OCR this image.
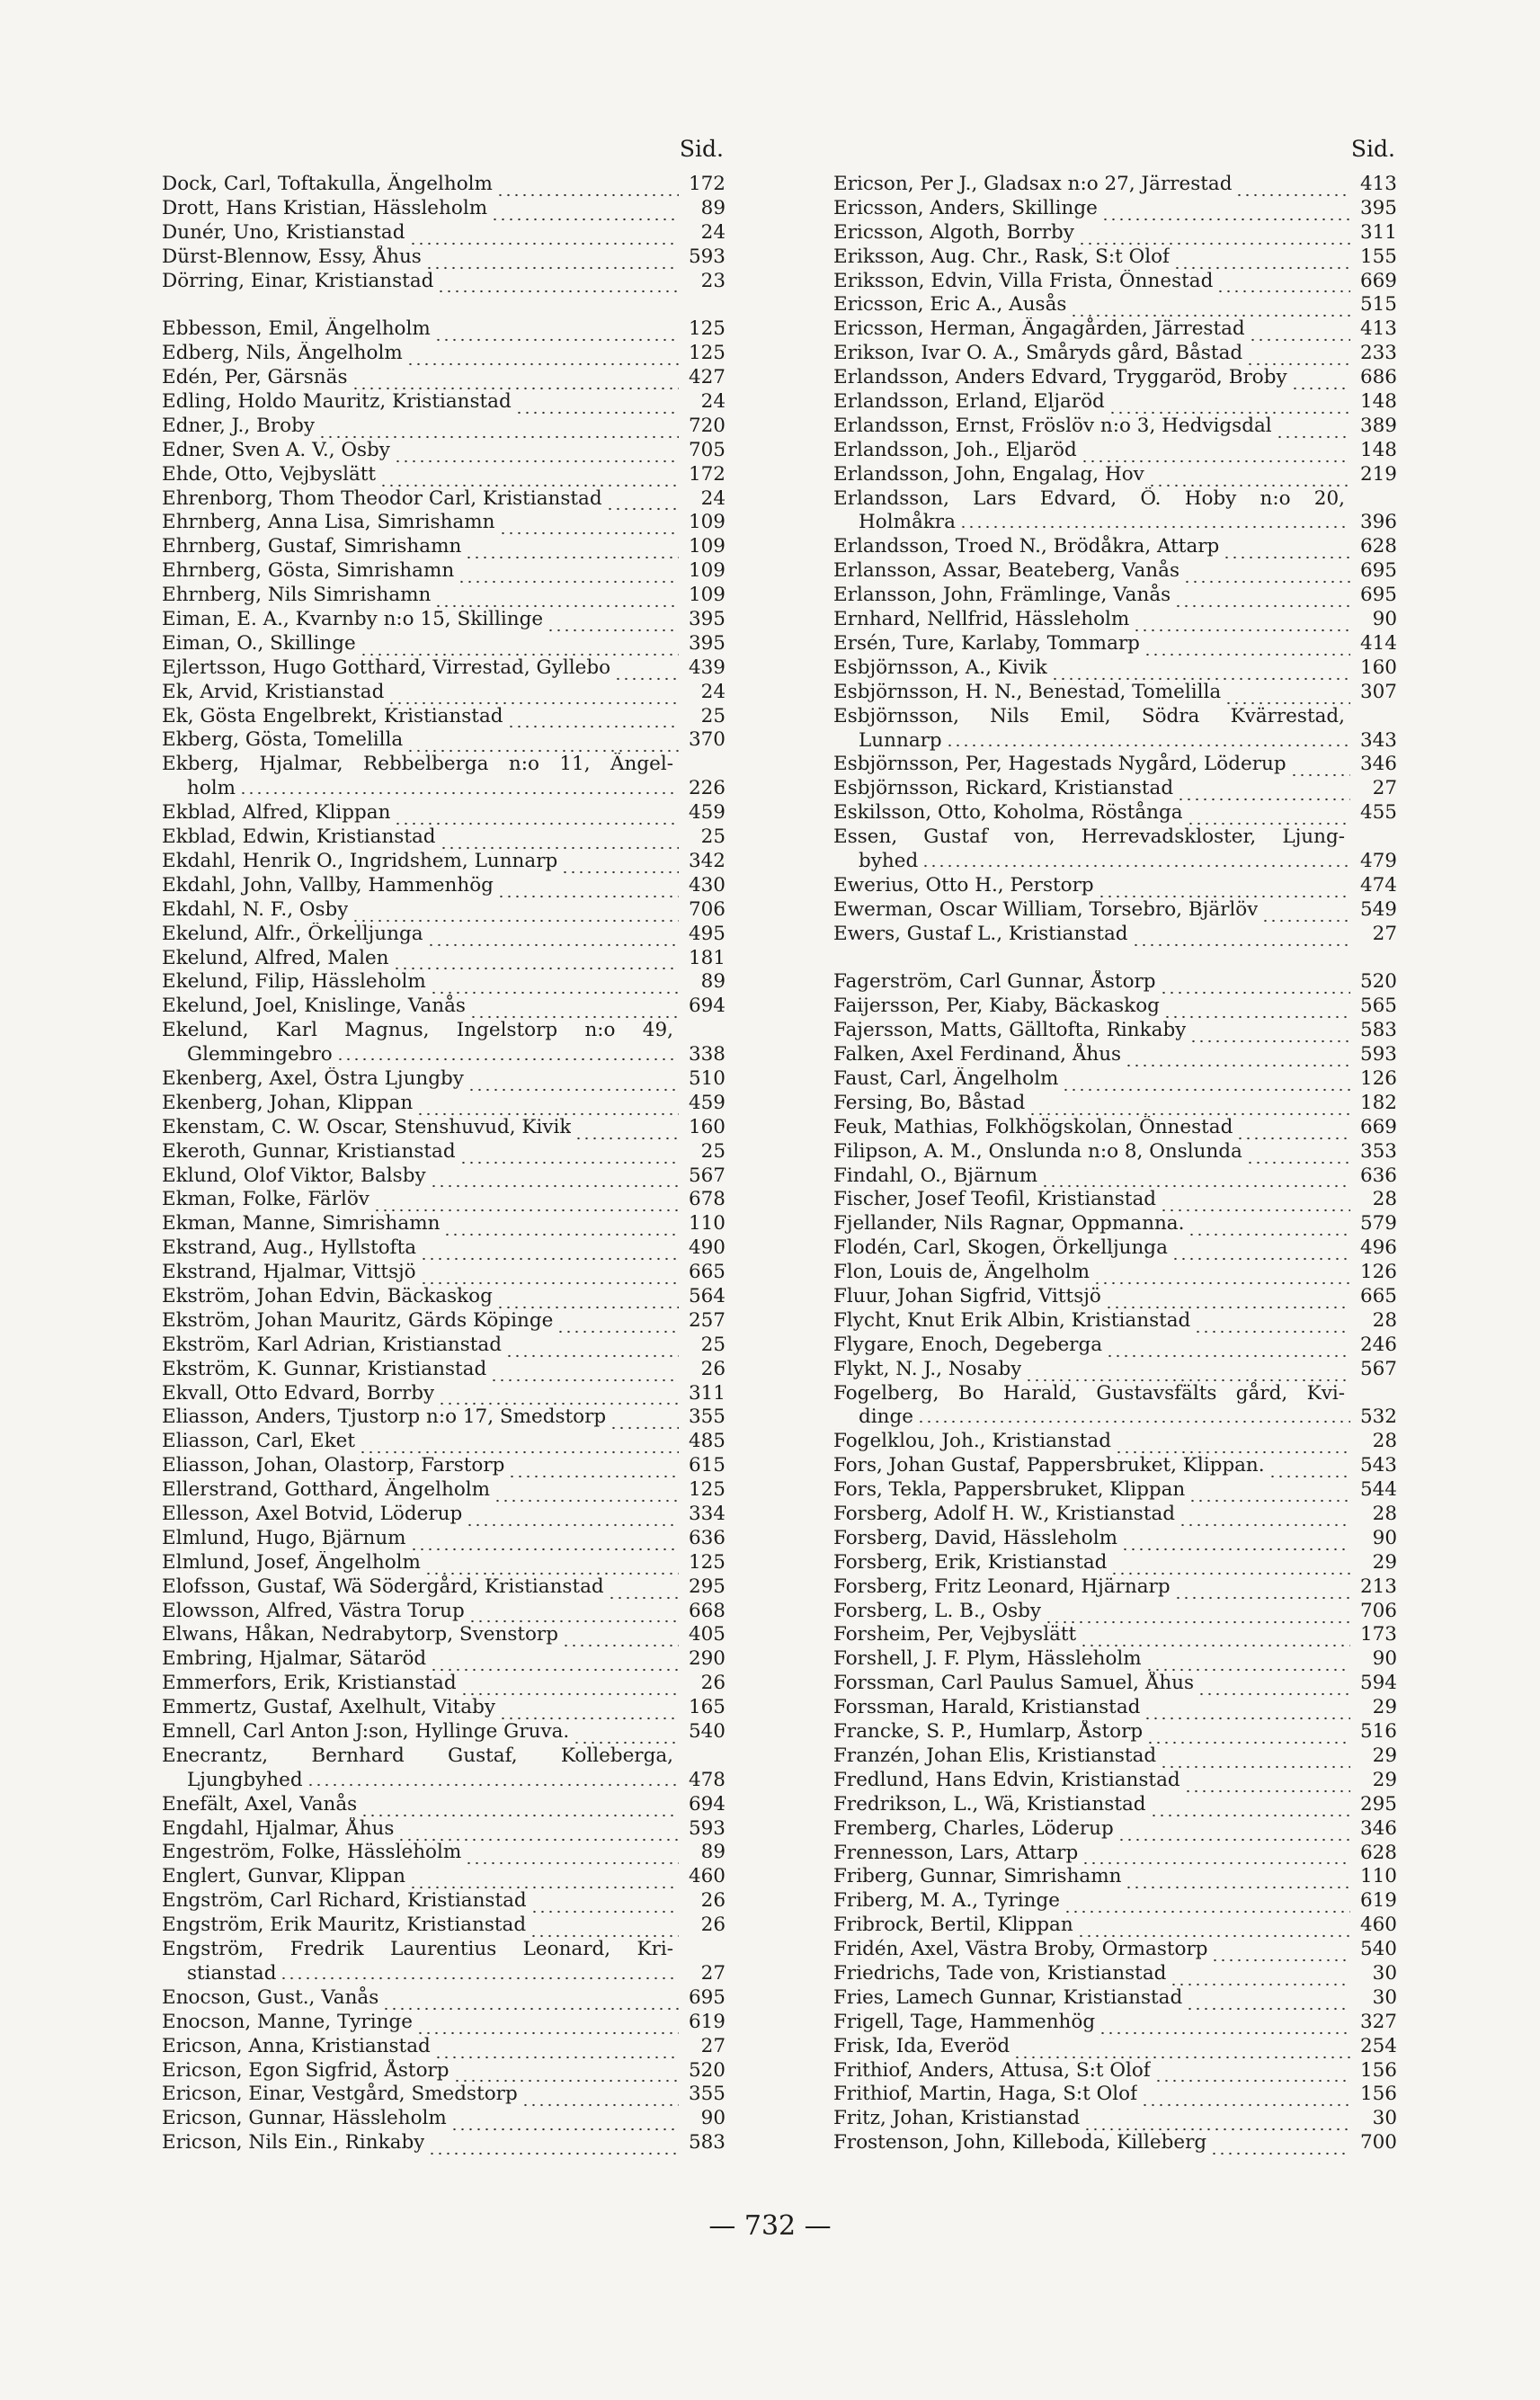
Sid.
Dock, Carl, Toftakulla, Ängelholm	172
Drott, Hans Kristian, Hässleholm	89
Dunér, Uno, Kristianstad	24
Dürst-Blennow, Essy, Åhus	593
Dörring, Einar, Kristianstad	23
Ebbesson, Emil, Ängelholm	125
Edberg, Nils, Ängelholm	125
Edén, Per, Gärsnäs	427
Edling, Holdo Mauritz, Kristianstad	24
Edner, J., Broby	720
Edner, Sven A. V., Osby	705
Ehde, Otto, Vejbyslätt	172
Ehrenborg, Thom Theodor Carl, Kristianstad	24
Ehrnberg, Anna Lisa, Simrishamn	109
Ehrnberg, Gustaf, Simrishamn	109
Ehrnberg, Gösta, Simrishamn	109
Ehrnberg, Nils Simrishamn	109
Eiman, E. A., Kvarnby n:o 15, Skillinge	395
Eiman, O., Skillinge	395
Ejlertsson, Hugo Gotthard, Virrestad, Gyllebo	439
Ek, Arvid, Kristianstad	24
Ek, Gösta Engelbrekt, Kristianstad	25
Ekberg, Gösta, Tomelilla	370
Ekberg, Hjalmar, Rebbelberga n:o 11, Ängel-
holm	226
Ekblad, Alfred, Klippan	459
Ekblad, Edwin, Kristianstad	25
Ekdahl, Henrik O., Ingridshem, Lunnarp	342
Ekdahl, John, Vallby, Hammenhög	430
Ekdahl, N. F., Osby	706
Ekelund, Alfr., Örkelljunga	495
Ekelund, Alfred, Malen	181
Ekelund, Filip, Hässleholm	89
Ekelund, Joel, Knislinge, Vanås	694
Ekelund, Karl Magnus, Ingelstorp n:o 49,
Glemmingebro	338
Ekenberg, Axel, Östra Ljungby	510
Ekenberg, Johan, Klippan	459
Ekenstam, C. W. Oscar, Stenshuvud, Kivik	160
Ekeroth, Gunnar, Kristianstad	25
Eklund, Olof Viktor, Balsby	567
Ekman, Folke, Färlöv	678
Ekman, Manne, Simrishamn	110
Ekstrand, Aug., Hyllstofta	490
Ekstrand, Hjalmar, Vittsjö	665
Ekström, Johan Edvin, Bäckaskog	564
Ekström, Johan Mauritz, Gärds Köpinge	257
Ekström, Karl Adrian, Kristianstad	25
Ekström, K. Gunnar, Kristianstad	26
Ekvall, Otto Edvard, Borrby	311
Eliasson, Anders, Tjustorp n:o 17, Smedstorp	355
Eliasson, Carl, Eket	485
Eliasson, Johan, Olastorp, Farstorp	615
Ellerstrand, Gotthard, Ängelholm	125
Ellesson, Axel Botvid, Löderup	334
Elmlund, Hugo, Bjärnum	636
Elmlund, Josef, Ängelholm	125
Elofsson, Gustaf, Wä Södergård, Kristianstad	295
Elowsson, Alfred, Västra Torup	668
Elwans, Håkan, Nedrabytorp, Svenstorp	405
Embring, Hjalmar, Sätaröd	290
Emmerfors, Erik, Kristianstad	26
Emmertz, Gustaf, Axelhult, Vitaby	165
Emnell, Carl Anton J:son, Hyllinge Gruva.	540
Enecrantz, Bernhard Gustaf, Kolleberga,
Ljungbyhed	478
Enefält, Axel, Vanås	694
Engdahl, Hjalmar, Åhus	593
Engeström, Folke, Hässleholm	89
Englert, Gunvar, Klippan	460
Engström, Carl Richard, Kristianstad	26
Engström, Erik Mauritz, Kristianstad	26
Engström, Fredrik Laurentius Leonard, Kri-
stianstad	27
Enocson, Gust., Vanås	695
Enocson, Manne, Tyringe	619
Ericson, Anna, Kristianstad	27
Ericson, Egon Sigfrid, Åstorp	520
Ericson, Einar, Vestgård, Smedstorp	355
Ericson, Gunnar, Hässleholm	90
Ericson, Nils Ein., Rinkaby	583
Sid.
Ericson, Per J., Gladsax n:o 27, Järrestad	413
Ericsson, Anders, Skillinge	395
Ericsson, Algoth, Borrby	311
Eriksson, Aug. Chr., Rask, S:t Olof	155
Eriksson, Edvin, Villa Frista, Önnestad	669
Ericsson, Eric A., Ausås	515
Ericsson, Herman, Ängagården, Järrestad	413
Erikson, Ivar O. A., Småryds gård, Båstad	233
Erlandsson, Anders Edvard, Tryggaröd, Broby	686
Erlandsson, Erland, Eljaröd	148
Erlandsson, Ernst, Fröslöv n:o 3, Hedvigsdal	389
Erlandsson, Joh., Eljaröd	148
Erlandsson, John, Engalag, Hov	219
Erlandsson, Lars Edvard, Ö. Hoby n:o 20,
Holmåkra	396
Erlandsson, Troed N., Brödåkra, Attarp	628
Erlansson, Assar, Beateberg, Vanås	695
Erlansson, John, Främlinge, Vanås	695
Ernhard, Nellfrid, Hässleholm	90
Ersén, Ture, Karlaby, Tommarp	414
Esbjörnsson, A., Kivik	160
Esbjörnsson, H. N., Benestad, Tomelilla	307
Esbjörnsson, Nils Emil, Södra Kvärrestad,
Lunnarp	343
Esbjörnsson, Per, Hagestads Nygård, Löderup	346
Esbjörnsson, Rickard, Kristianstad	27
Eskilsson, Otto, Koholma, Röstånga	455
Essen, Gustaf von, Herrevadskloster, Ljung-
byhed	479
Ewerius, Otto H., Perstorp	474
Ewerman, Oscar William, Torsebro, Bjärlöv	549
Ewers, Gustaf L., Kristianstad	27
Fagerström, Carl Gunnar, Åstorp	520
Faijersson, Per, Kiaby, Bäckaskog	565
Fajersson, Matts, Gälltofta, Rinkaby	583
Falken, Axel Ferdinand, Åhus	593
Faust, Carl, Ängelholm	126
Fersing, Bo, Båstad	182
Feuk, Mathias, Folkhögskolan, Önnestad	669
Filipson, A. M., Onslunda n:o 8, Onslunda	353
Findahl, O., Bjärnum	636
Fischer, Josef Teofil, Kristianstad	28
Fjellander, Nils Ragnar, Oppmanna.	579
Flodén, Carl, Skogen, Örkelljunga	496
Flon, Louis de, Ängelholm	126
Fluur, Johan Sigfrid, Vittsjö	665
Flycht, Knut Erik Albin, Kristianstad	28
Flygare, Enoch, Degeberga	246
Flykt, N. J., Nosaby	567
Fogelberg, Bo Harald, Gustavsfälts gård, Kvi-
dinge	532
Fogelklou, Joh., Kristianstad	28
Fors, Johan Gustaf, Pappersbruket, Klippan.	543
Fors, Tekla, Pappersbruket, Klippan	544
Forsberg, Adolf H. W., Kristianstad	28
Forsberg, David, Hässleholm	90
Forsberg, Erik, Kristianstad	29
Forsberg, Fritz Leonard, Hjärnarp	213
Forsberg, L. B., Osby	706
Forsheim, Per, Vejbyslätt	173
Forshell, J. F. Plym, Hässleholm	90
Forssman, Carl Paulus Samuel, Åhus	594
Forssman, Harald, Kristianstad	29
Francke, S. P., Humlarp, Åstorp	516
Franzén, Johan Elis, Kristianstad	29
Fredlund, Hans Edvin, Kristianstad	29
Fredrikson, L., Wä, Kristianstad	295
Fremberg, Charles, Löderup	346
Frennesson, Lars, Attarp	628
Friberg, Gunnar, Simrishamn	110
Friberg, M. A., Tyringe	619
Fribrock, Bertil, Klippan	460
Fridén, Axel, Västra Broby, Ormastorp	540
Friedrichs, Tade von, Kristianstad	30
Fries, Lamech Gunnar, Kristianstad	30
Frigell, Tage, Hammenhög	327
Frisk, Ida, Everöd	254
Frithiof, Anders, Attusa, S:t Olof	156
Frithiof, Martin, Haga, S:t Olof	156
Fritz, Johan, Kristianstad	30
Frostenson, John, Killeboda, Killeberg	700
— 732 —
